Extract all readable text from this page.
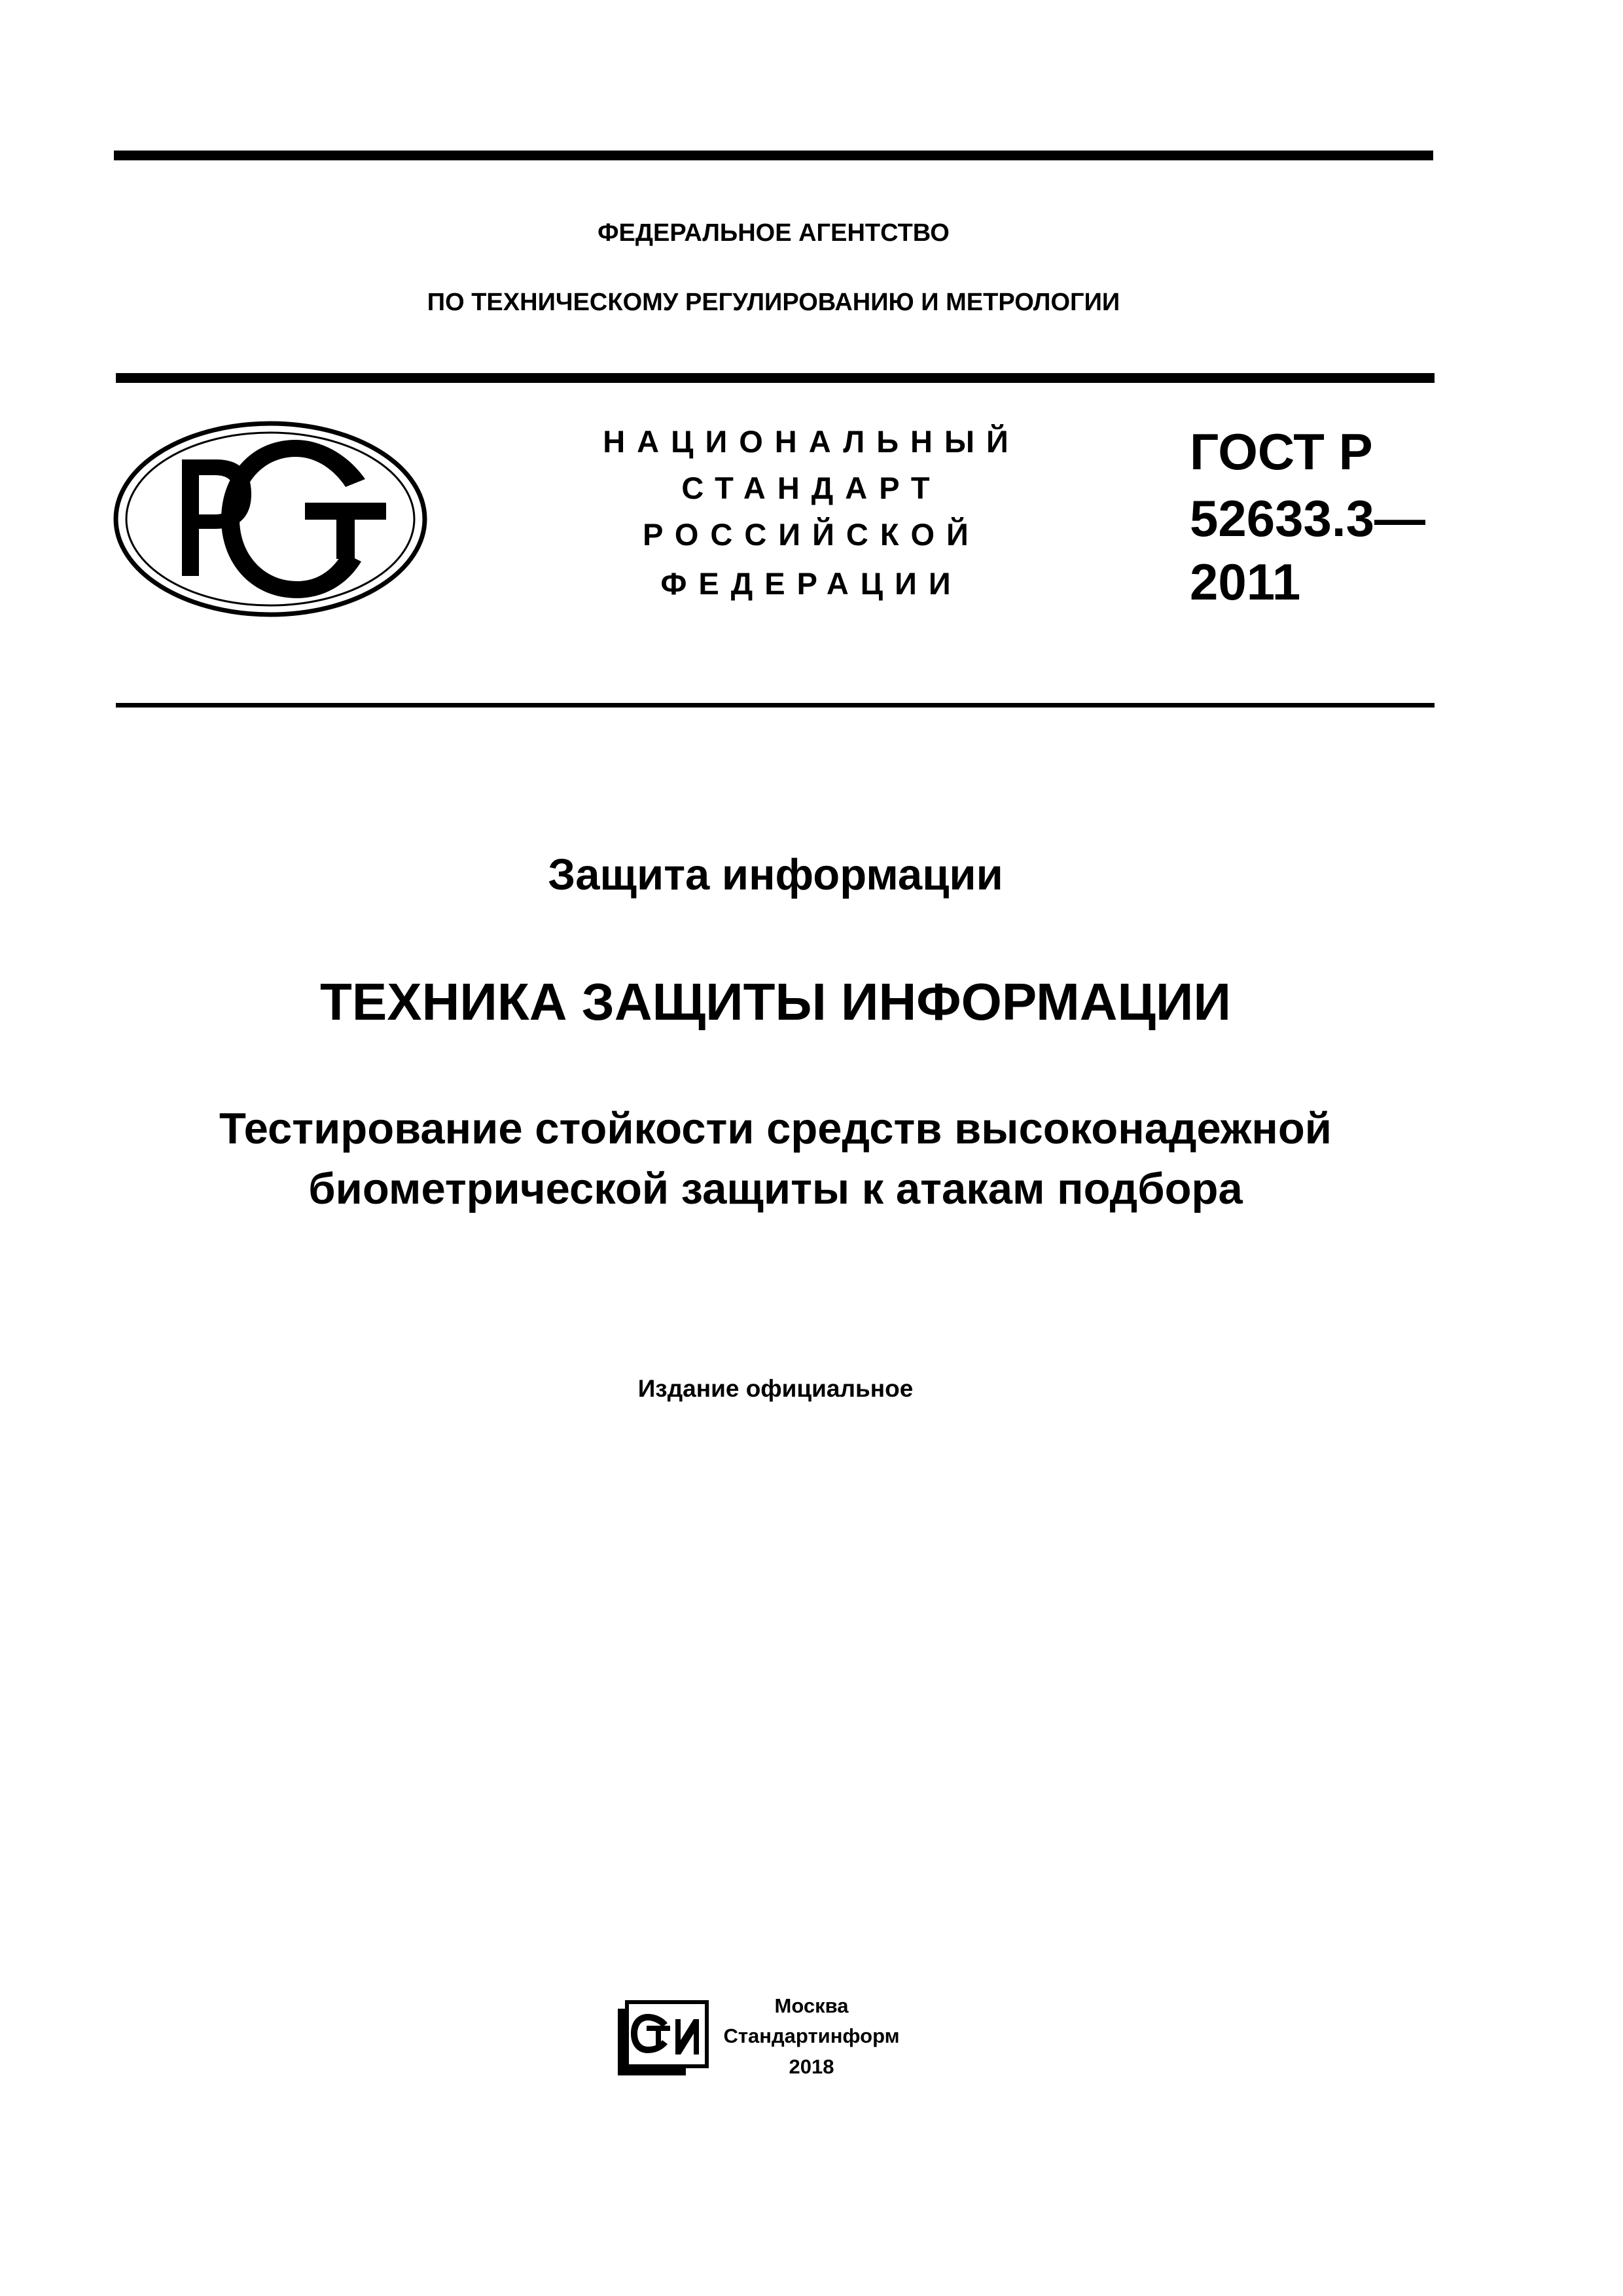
ФЕДЕРАЛЬНОЕ АГЕНТСТВО
ПО ТЕХНИЧЕСКОМУ РЕГУЛИРОВАНИЮ И МЕТРОЛОГИИ
НАЦИОНАЛЬНЫЙ
СТАНДАРТ
РОССИЙСКОЙ
ФЕДЕРАЦИИ
ГОСТ Р
52633.3—
2011
Защита информации
ТЕХНИКА ЗАЩИТЫ ИНФОРМАЦИИ
Тестирование стойкости средств высоконадежной
биометрической защиты к атакам подбора
Издание официальное
Москва
Стандартинформ
2018
